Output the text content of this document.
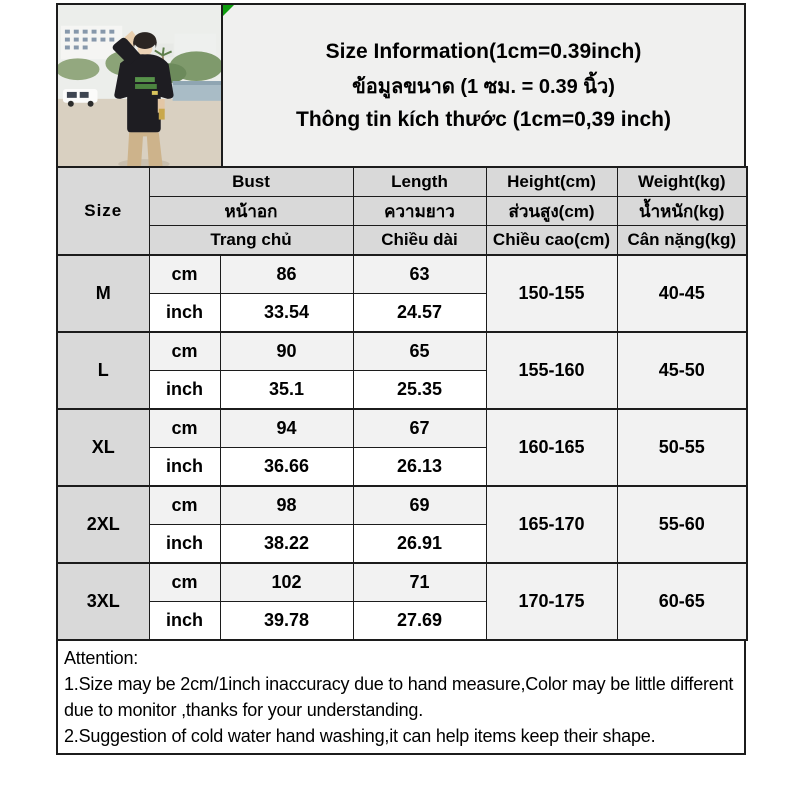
Size Information(1cm=0.39inch)
ข้อมูลขนาด (1 ซม. = 0.39 นิ้ว)
Thông tin kích thước (1cm=0,39 inch)
Size	Bust		Length	Height(cm)	Weight(kg)
	หน้าอก		ความยาว	ส่วนสูง(cm)	น้ำหนัก(kg)
	Trang chủ		Chiều dài	Chiều cao(cm)	Cân nặng(kg)
M	cm	86	63	150-155	40-45
	inch	33.54	24.57		
L	cm	90	65	155-160	45-50
	inch	35.1	25.35		
XL	cm	94	67	160-165	50-55
	inch	36.66	26.13		
2XL	cm	98	69	165-170	55-60
	inch	38.22	26.91		
3XL	cm	102	71	170-175	60-65
	inch	39.78	27.69		
Attention:
1.Size may be 2cm/1inch inaccuracy due to hand measure,Color may be little different due to monitor ,thanks for your understanding.
2.Suggestion of cold water hand washing,it can help items keep their shape.
